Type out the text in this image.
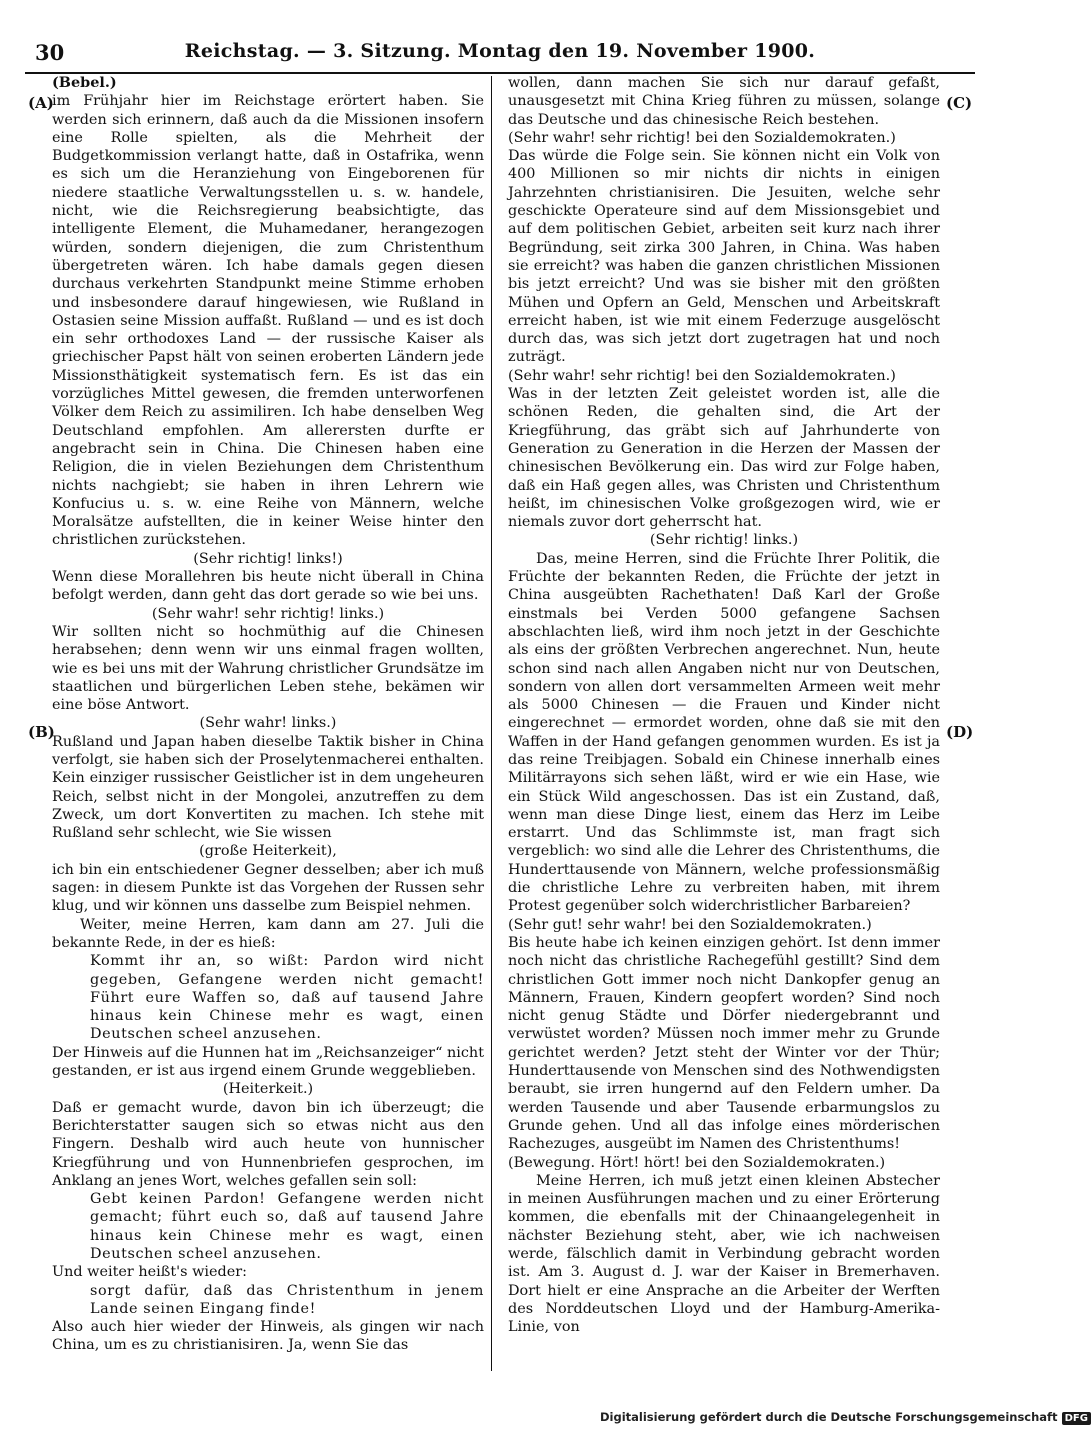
30	Reichstag. — 3. Sitzung. Montag den 19. November 1900.
(A)
(B)
(C)
(D)

(Bebel.)

im Frühjahr hier im Reichstage erörtert haben. Sie werden sich erinnern, daß auch da die Missionen insofern eine Rolle spielten, als die Mehrheit der Budgetkommission verlangt hatte, daß in Ostafrika, wenn es sich um die Heranziehung von Eingeborenen für niedere staatliche Verwaltungsstellen u. s. w. handele, nicht, wie die Reichsregierung beabsichtigte, das intelligente Element, die Muhamedaner, herangezogen würden, sondern diejenigen, die zum Christenthum übergetreten wären. Ich habe damals gegen diesen durchaus verkehrten Standpunkt meine Stimme erhoben und insbesondere darauf hingewiesen, wie Rußland in Ostasien seine Mission auffaßt. Rußland — und es ist doch ein sehr orthodoxes Land — der russische Kaiser als griechischer Papst hält von seinen eroberten Ländern jede Missionsthätigkeit systematisch fern. Es ist das ein vorzügliches Mittel gewesen, die fremden unterworfenen Völker dem Reich zu assimiliren. Ich habe denselben Weg Deutschland empfohlen. Am allerersten durfte er angebracht sein in China. Die Chinesen haben eine Religion, die in vielen Beziehungen dem Christenthum nichts nachgiebt; sie haben in ihren Lehrern wie Konfucius u. s. w. eine Reihe von Männern, welche Moralsätze aufstellten, die in keiner Weise hinter den christlichen zurückstehen.

(Sehr richtig! links!)

Wenn diese Morallehren bis heute nicht überall in China befolgt werden, dann geht das dort gerade so wie bei uns.

(Sehr wahr! sehr richtig! links.)

Wir sollten nicht so hochmüthig auf die Chinesen herabsehen; denn wenn wir uns einmal fragen wollten, wie es bei uns mit der Wahrung christlicher Grundsätze im staatlichen und bürgerlichen Leben stehe, bekämen wir eine böse Antwort.

(Sehr wahr! links.)

Rußland und Japan haben dieselbe Taktik bisher in China verfolgt, sie haben sich der Proselytenmacherei enthalten. Kein einziger russischer Geistlicher ist in dem ungeheuren Reich, selbst nicht in der Mongolei, anzutreffen zu dem Zweck, um dort Konvertiten zu machen. Ich stehe mit Rußland sehr schlecht, wie Sie wissen

(große Heiterkeit),

ich bin ein entschiedener Gegner desselben; aber ich muß sagen: in diesem Punkte ist das Vorgehen der Russen sehr klug, und wir können uns dasselbe zum Beispiel nehmen.

Weiter, meine Herren, kam dann am 27. Juli die bekannte Rede, in der es hieß:

Kommt ihr an, so wißt: Pardon wird nicht gegeben, Gefangene werden nicht gemacht! Führt eure Waffen so, daß auf tausend Jahre hinaus kein Chinese mehr es wagt, einen Deutschen scheel anzusehen.

Der Hinweis auf die Hunnen hat im „Reichsanzeiger“ nicht gestanden, er ist aus irgend einem Grunde weggeblieben.

(Heiterkeit.)

Daß er gemacht wurde, davon bin ich überzeugt; die Berichterstatter saugen sich so etwas nicht aus den Fingern. Deshalb wird auch heute von hunnischer Kriegführung und von Hunnenbriefen gesprochen, im Anklang an jenes Wort, welches gefallen sein soll:

Gebt keinen Pardon! Gefangene werden nicht gemacht; führt euch so, daß auf tausend Jahre hinaus kein Chinese mehr es wagt, einen Deutschen scheel anzusehen.

Und weiter heißt's wieder:

sorgt dafür, daß das Christenthum in jenem Lande seinen Eingang finde!

Also auch hier wieder der Hinweis, als gingen wir nach China, um es zu christianisiren. Ja, wenn Sie das

wollen, dann machen Sie sich nur darauf gefaßt, unausgesetzt mit China Krieg führen zu müssen, solange das Deutsche und das chinesische Reich bestehen.

(Sehr wahr! sehr richtig! bei den Sozialdemokraten.)

Das würde die Folge sein. Sie können nicht ein Volk von 400 Millionen so mir nichts dir nichts in einigen Jahrzehnten christianisiren. Die Jesuiten, welche sehr geschickte Operateure sind auf dem Missionsgebiet und auf dem politischen Gebiet, arbeiten seit kurz nach ihrer Begründung, seit zirka 300 Jahren, in China. Was haben sie erreicht? was haben die ganzen christlichen Missionen bis jetzt erreicht? Und was sie bisher mit den größten Mühen und Opfern an Geld, Menschen und Arbeitskraft erreicht haben, ist wie mit einem Federzuge ausgelöscht durch das, was sich jetzt dort zugetragen hat und noch zuträgt.

(Sehr wahr! sehr richtig! bei den Sozialdemokraten.)

Was in der letzten Zeit geleistet worden ist, alle die schönen Reden, die gehalten sind, die Art der Kriegführung, das gräbt sich auf Jahrhunderte von Generation zu Generation in die Herzen der Massen der chinesischen Bevölkerung ein. Das wird zur Folge haben, daß ein Haß gegen alles, was Christen und Christenthum heißt, im chinesischen Volke großgezogen wird, wie er niemals zuvor dort geherrscht hat.

(Sehr richtig! links.)

Das, meine Herren, sind die Früchte Ihrer Politik, die Früchte der bekannten Reden, die Früchte der jetzt in China ausgeübten Rachethaten! Daß Karl der Große einstmals bei Verden 5000 gefangene Sachsen abschlachten ließ, wird ihm noch jetzt in der Geschichte als eins der größten Verbrechen angerechnet. Nun, heute schon sind nach allen Angaben nicht nur von Deutschen, sondern von allen dort versammelten Armeen weit mehr als 5000 Chinesen — die Frauen und Kinder nicht eingerechnet — ermordet worden, ohne daß sie mit den Waffen in der Hand gefangen genommen wurden. Es ist ja das reine Treibjagen. Sobald ein Chinese innerhalb eines Militärrayons sich sehen läßt, wird er wie ein Hase, wie ein Stück Wild angeschossen. Das ist ein Zustand, daß, wenn man diese Dinge liest, einem das Herz im Leibe erstarrt. Und das Schlimmste ist, man fragt sich vergeblich: wo sind alle die Lehrer des Christenthums, die Hunderttausende von Männern, welche professionsmäßig die christliche Lehre zu verbreiten haben, mit ihrem Protest gegenüber solch widerchristlicher Barbareien?

(Sehr gut! sehr wahr! bei den Sozialdemokraten.)

Bis heute habe ich keinen einzigen gehört. Ist denn immer noch nicht das christliche Rachegefühl gestillt? Sind dem christlichen Gott immer noch nicht Dankopfer genug an Männern, Frauen, Kindern geopfert worden? Sind noch nicht genug Städte und Dörfer niedergebrannt und verwüstet worden? Müssen noch immer mehr zu Grunde gerichtet werden? Jetzt steht der Winter vor der Thür; Hunderttausende von Menschen sind des Nothwendigsten beraubt, sie irren hungernd auf den Feldern umher. Da werden Tausende und aber Tausende erbarmungslos zu Grunde gehen. Und all das infolge eines mörderischen Rachezuges, ausgeübt im Namen des Christenthums!

(Bewegung. Hört! hört! bei den Sozialdemokraten.)

Meine Herren, ich muß jetzt einen kleinen Abstecher in meinen Ausführungen machen und zu einer Erörterung kommen, die ebenfalls mit der Chinaangelegenheit in nächster Beziehung steht, aber, wie ich nachweisen werde, fälschlich damit in Verbindung gebracht worden ist. Am 3. August d. J. war der Kaiser in Bremerhaven. Dort hielt er eine Ansprache an die Arbeiter der Werften des Norddeutschen Lloyd und der Hamburg-Amerika-Linie, von

Digitalisierung gefördert durch die Deutsche Forschungsgemeinschaft DFG
